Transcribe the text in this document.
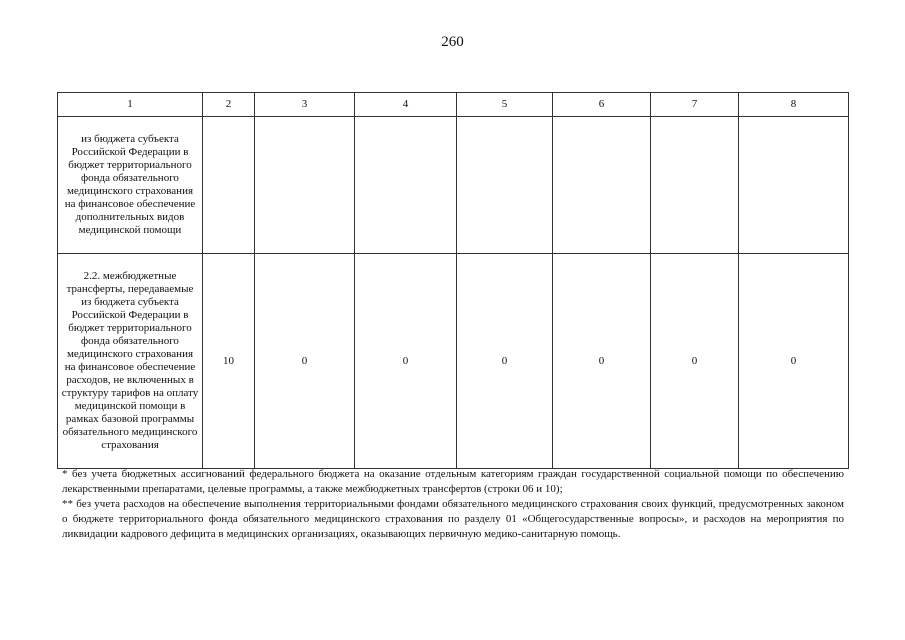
260
1	2	3	4	5	6	7	8

из бюджета субъекта Российской Федерации в бюджет территориального фонда обязательного медицинского страхования на финансовое обеспечение дополнительных видов медицинской помощи							

2.2. межбюджетные трансферты, передаваемые из бюджета субъекта Российской Федерации в бюджет территориального фонда обязательного медицинского страхования на финансовое обеспечение расходов, не включенных в структуру тарифов на оплату медицинской помощи в рамках базовой программы обязательного медицинского страхования	10	0	0	0	0	0	0

* без учета бюджетных ассигнований федерального бюджета на оказание отдельным категориям граждан государственной социальной помощи по обеспечению лекарственными препаратами, целевые программы, а также межбюджетных трансфертов (строки 06 и 10);

** без учета расходов на обеспечение выполнения территориальными фондами обязательного медицинского страхования своих функций, предусмотренных законом о бюджете территориального фонда обязательного медицинского страхования по разделу 01 «Общегосударственные вопросы», и расходов на мероприятия по ликвидации кадрового дефицита в медицинских организациях, оказывающих первичную медико-санитарную помощь.
